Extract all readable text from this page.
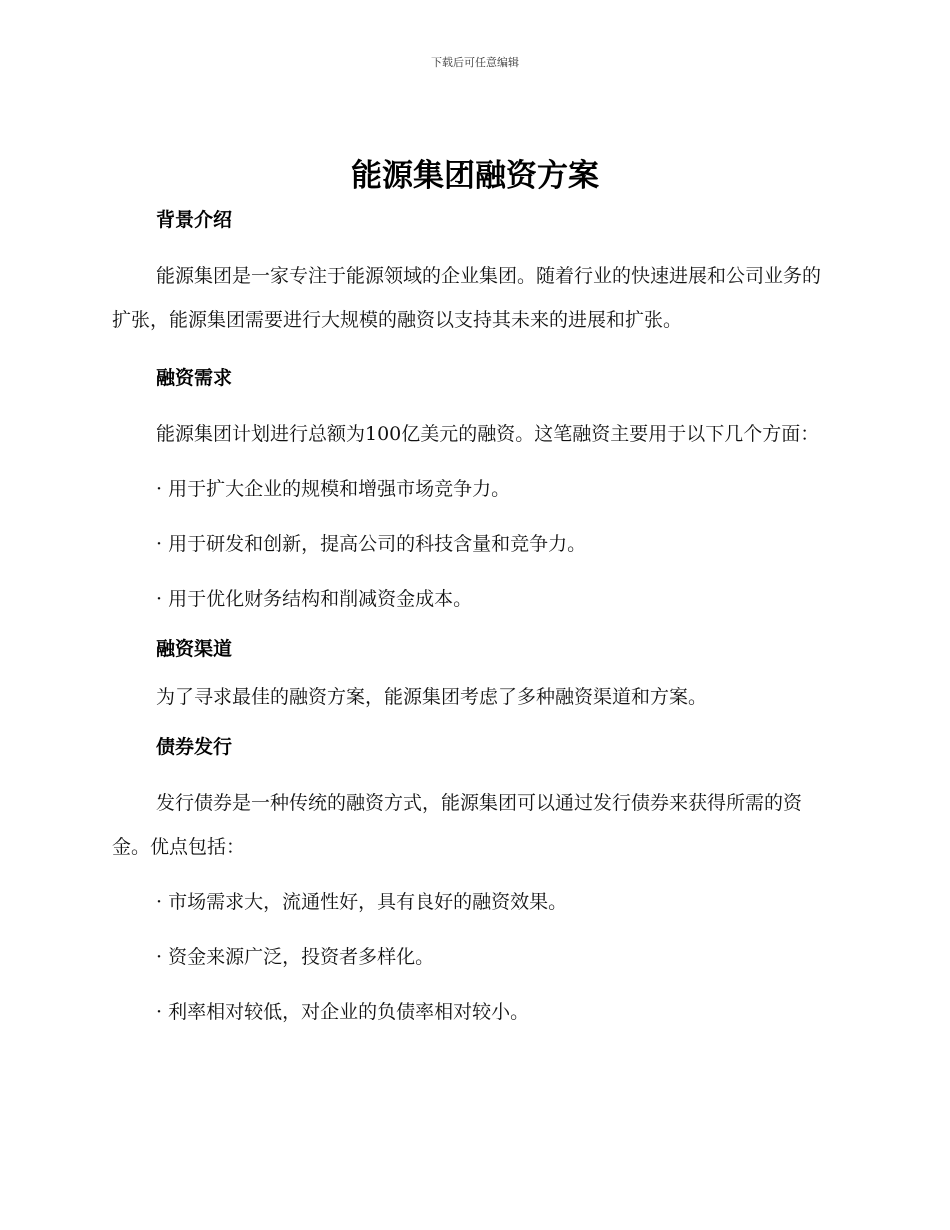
下载后可任意编辑
能源集团融资方案
背景介绍

能源集团是一家专注于能源领域的企业集团。随着行业的快速进展和公司业务的扩张，能源集团需要进行大规模的融资以支持其未来的进展和扩张。

融资需求

能源集团计划进行总额为100亿美元的融资。这笔融资主要用于以下几个方面：

· 用于扩大企业的规模和增强市场竞争力。
· 用于研发和创新，提高公司的科技含量和竞争力。
· 用于优化财务结构和削减资金成本。
融资渠道

为了寻求最佳的融资方案，能源集团考虑了多种融资渠道和方案。

债券发行

发行债券是一种传统的融资方式，能源集团可以通过发行债券来获得所需的资金。优点包括：

· 市场需求大，流通性好，具有良好的融资效果。
· 资金来源广泛，投资者多样化。
· 利率相对较低，对企业的负债率相对较小。
